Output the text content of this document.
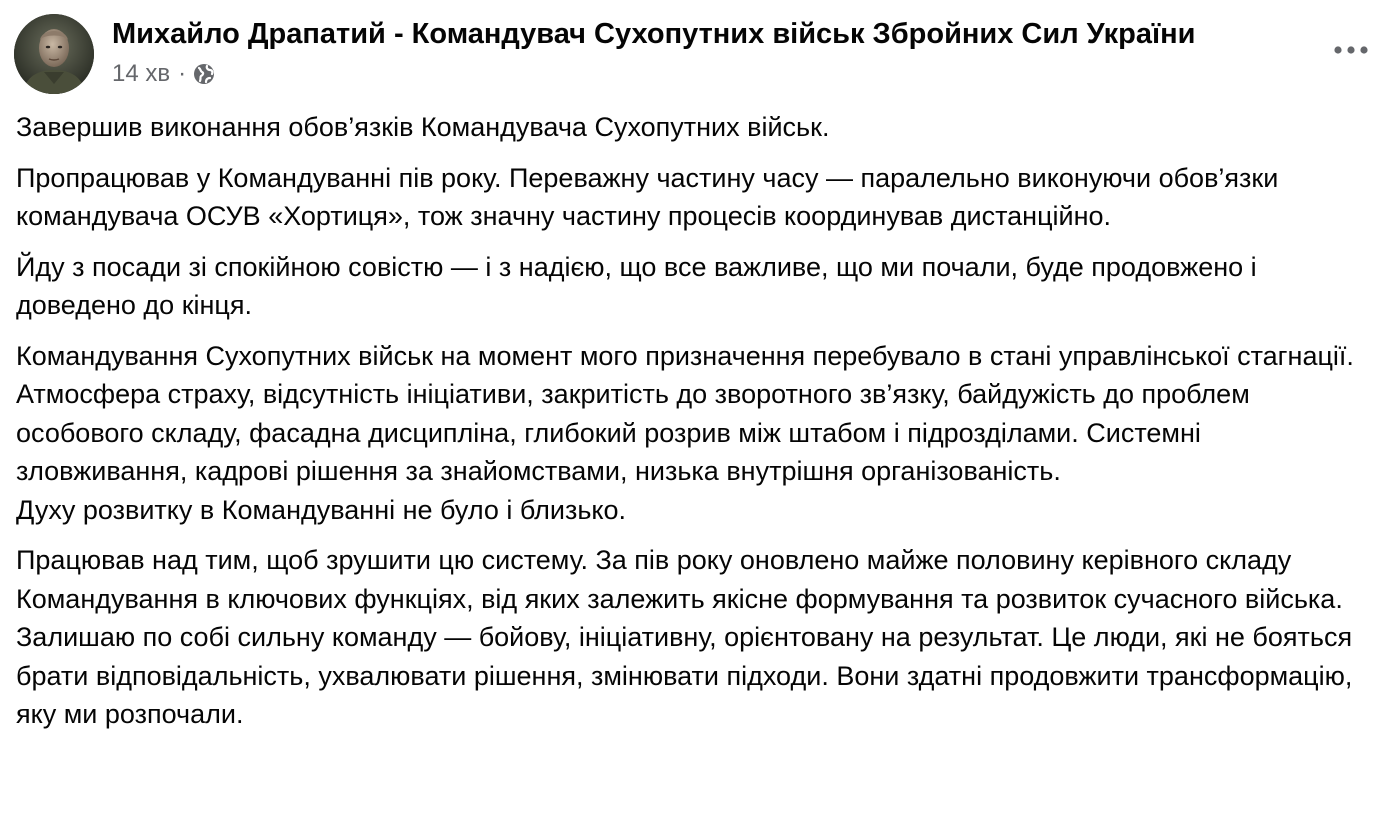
Михайло Драпатий - Командувач Сухопутних військ Збройних Сил України
14 хв ·

Завершив виконання обов’язків Командувача Сухопутних військ.

Пропрацював у Командуванні пів року. Переважну частину часу — паралельно виконуючи обов’язки командувача ОСУВ «Хортиця», тож значну частину процесів координував дистанційно.

Йду з посади зі спокійною совістю — і з надією, що все важливе, що ми почали, буде продовжено і доведено до кінця.

Командування Сухопутних військ на момент мого призначення перебувало в стані управлінської стагнації. Атмосфера страху, відсутність ініціативи, закритість до зворотного зв’язку, байдужість до проблем особового складу, фасадна дисципліна, глибокий розрив між штабом і підрозділами. Системні зловживання, кадрові рішення за знайомствами, низька внутрішня організованість.
Духу розвитку в Командуванні не було і близько.

Працював над тим, щоб зрушити цю систему. За пів року оновлено майже половину керівного складу Командування в ключових функціях, від яких залежить якісне формування та розвиток сучасного війська. Залишаю по собі сильну команду — бойову, ініціативну, орієнтовану на результат. Це люди, які не бояться брати відповідальність, ухвалювати рішення, змінювати підходи. Вони здатні продовжити трансформацію, яку ми розпочали.
